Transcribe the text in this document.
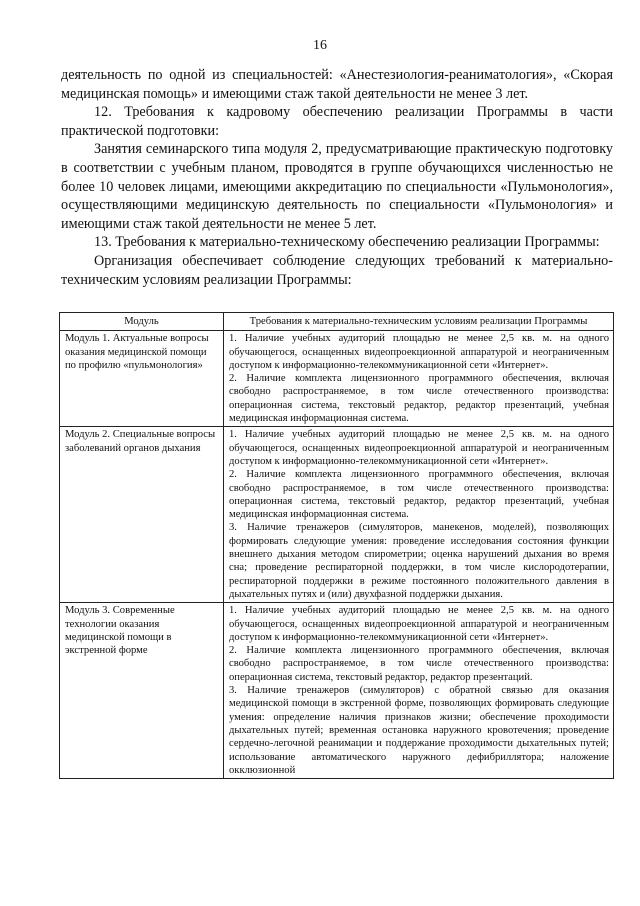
16

деятельность по одной из специальностей: «Анестезиология-реаниматология», «Скорая медицинская помощь» и имеющими стаж такой деятельности не менее 3 лет.

12. Требования к кадровому обеспечению реализации Программы в части практической подготовки:

Занятия семинарского типа модуля 2, предусматривающие практическую подготовку в соответствии с учебным планом, проводятся в группе обучающихся численностью не более 10 человек лицами, имеющими аккредитацию по специальности «Пульмонология», осуществляющими медицинскую деятельность по специальности «Пульмонология» и имеющими стаж такой деятельности не менее 5 лет.

13. Требования к материально-техническому обеспечению реализации Программы:

Организация обеспечивает соблюдение следующих требований к материально-техническим условиям реализации Программы:

Модуль	Требования к материально-техническим условиям реализации Программы
Модуль 1. Актуальные вопросы оказания медицинской помощи по профилю «пульмонология»	1. Наличие учебных аудиторий площадью не менее 2,5 кв. м. на одного обучающегося, оснащенных видеопроекционной аппаратурой и неограниченным доступом к информационно-телекоммуникационной сети «Интернет».
2. Наличие комплекта лицензионного программного обеспечения, включая свободно распространяемое, в том числе отечественного производства: операционная система, текстовый редактор, редактор презентаций, учебная медицинская информационная система.

Модуль 2. Специальные вопросы заболеваний органов дыхания	1. Наличие учебных аудиторий площадью не менее 2,5 кв. м. на одного обучающегося, оснащенных видеопроекционной аппаратурой и неограниченным доступом к информационно-телекоммуникационной сети «Интернет».
2. Наличие комплекта лицензионного программного обеспечения, включая свободно распространяемое, в том числе отечественного производства: операционная система, текстовый редактор, редактор презентаций, учебная медицинская информационная система.
3. Наличие тренажеров (симуляторов, манекенов, моделей), позволяющих формировать следующие умения: проведение исследования состояния функции внешнего дыхания методом спирометрии; оценка нарушений дыхания во время сна; проведение респираторной поддержки, в том числе кислородотерапии, респираторной поддержки в режиме постоянного положительного давления в дыхательных путях и (или) двухфазной поддержки дыхания.

Модуль 3. Современные технологии оказания медицинской помощи в экстренной форме	1. Наличие учебных аудиторий площадью не менее 2,5 кв. м. на одного обучающегося, оснащенных видеопроекционной аппаратурой и неограниченным доступом к информационно-телекоммуникационной сети «Интернет».
2. Наличие комплекта лицензионного программного обеспечения, включая свободно распространяемое, в том числе отечественного производства: операционная система, текстовый редактор, редактор презентаций.
3. Наличие тренажеров (симуляторов) с обратной связью для оказания медицинской помощи в экстренной форме, позволяющих формировать следующие умения: определение наличия признаков жизни; обеспечение проходимости дыхательных путей; временная остановка наружного кровотечения; проведение сердечно-легочной реанимации и поддержание проходимости дыхательных путей; использование автоматического наружного дефибриллятора; наложение окклюзионной
